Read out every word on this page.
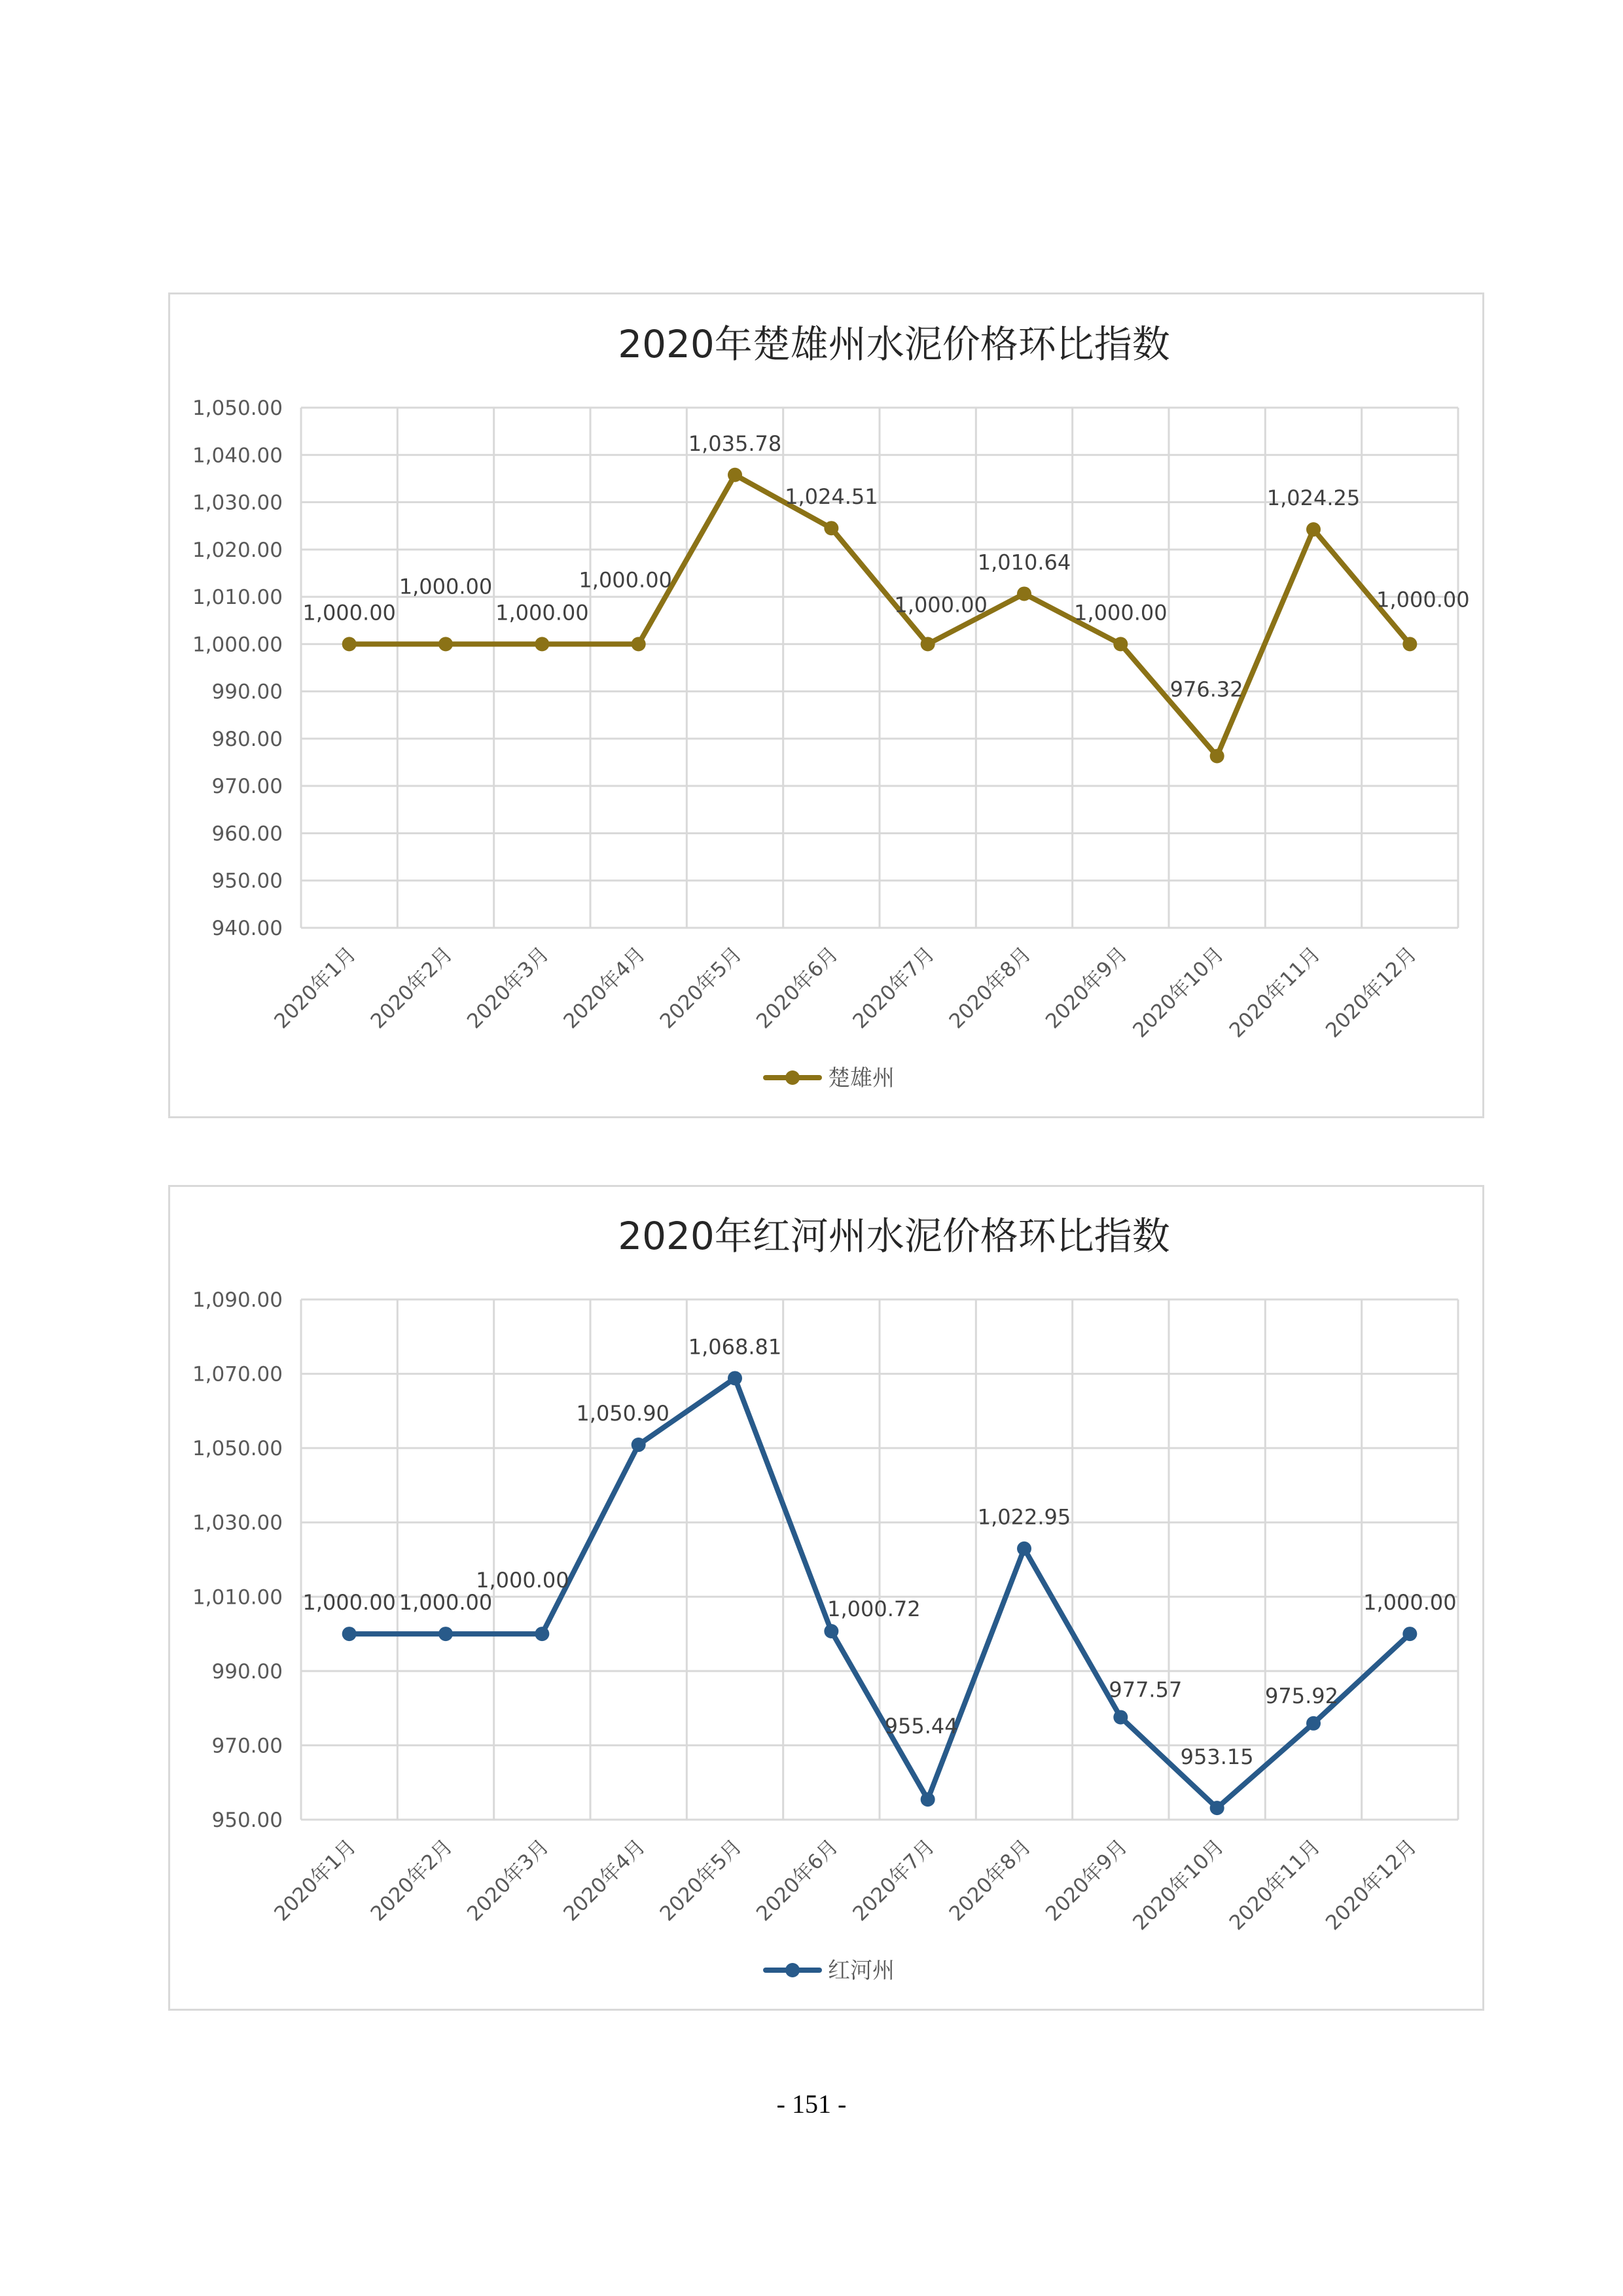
2020年楚雄州水泥价格环比指数
940.00
950.00
960.00
970.00
980.00
990.00
1,000.00
1,010.00
1,020.00
1,030.00
1,040.00
1,050.00
2020年1月 2020年2月 2020年3月 2020年4月 2020年5月 2020年6月 2020年7月 2020年8月 2020年9月
2020年10月
2020年11月
2020年12月
1,000.00
1,000.00
1,000.00
1,000.00
1,035.78
1,024.51
1,000.00
1,010.64
1,000.00
976.32
1,024.25
1,000.00
楚雄州
2020年红河州水泥价格环比指数
950.00
970.00
990.00
1,010.00
1,030.00
1,050.00
1,070.00
1,090.00
2020年1月 2020年2月 2020年3月 2020年4月 2020年5月 2020年6月 2020年7月 2020年8月 2020年9月
2020年10月
2020年11月
2020年12月
1,000.00 1,000.00
1,000.00
1,050.90
1,068.81
1,000.72
955.44
1,022.95
977.57
953.15
975.92
1,000.00
红河州
- 151 -
